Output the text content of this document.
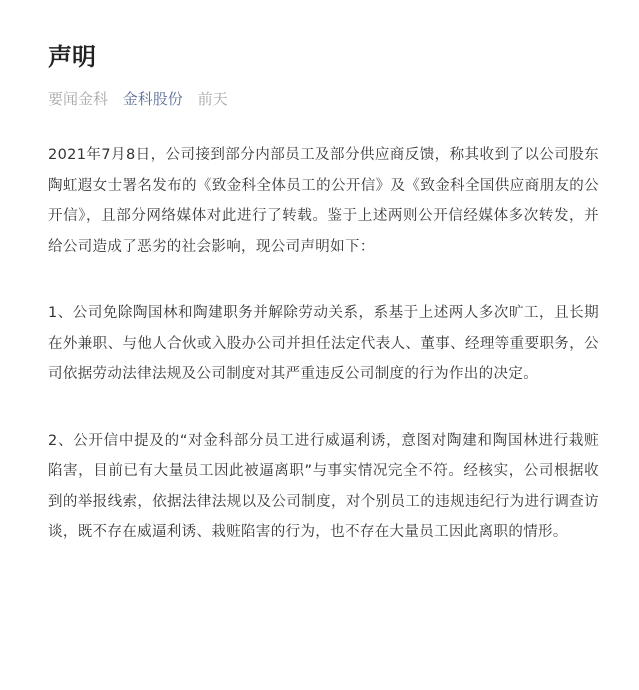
声明
要闻金科 金科股份 前天

2021年7月8日，公司接到部分内部员工及部分供应商反馈，称其收到了以公司股东陶虹遐女士署名发布的《致金科全体员工的公开信》及《致金科全国供应商朋友的公开信》，且部分网络媒体对此进行了转载。鉴于上述两则公开信经媒体多次转发，并给公司造成了恶劣的社会影响，现公司声明如下：

1、公司免除陶国林和陶建职务并解除劳动关系，系基于上述两人多次旷工，且长期在外兼职、与他人合伙或入股办公司并担任法定代表人、董事、经理等重要职务，公司依据劳动法律法规及公司制度对其严重违反公司制度的行为作出的决定。

2、公开信中提及的“对金科部分员工进行威逼利诱，意图对陶建和陶国林进行栽赃陷害，目前已有大量员工因此被逼离职”与事实情况完全不符。经核实，公司根据收到的举报线索，依据法律法规以及公司制度，对个别员工的违规违纪行为进行调查访谈，既不存在威逼利诱、栽赃陷害的行为，也不存在大量员工因此离职的情形。
